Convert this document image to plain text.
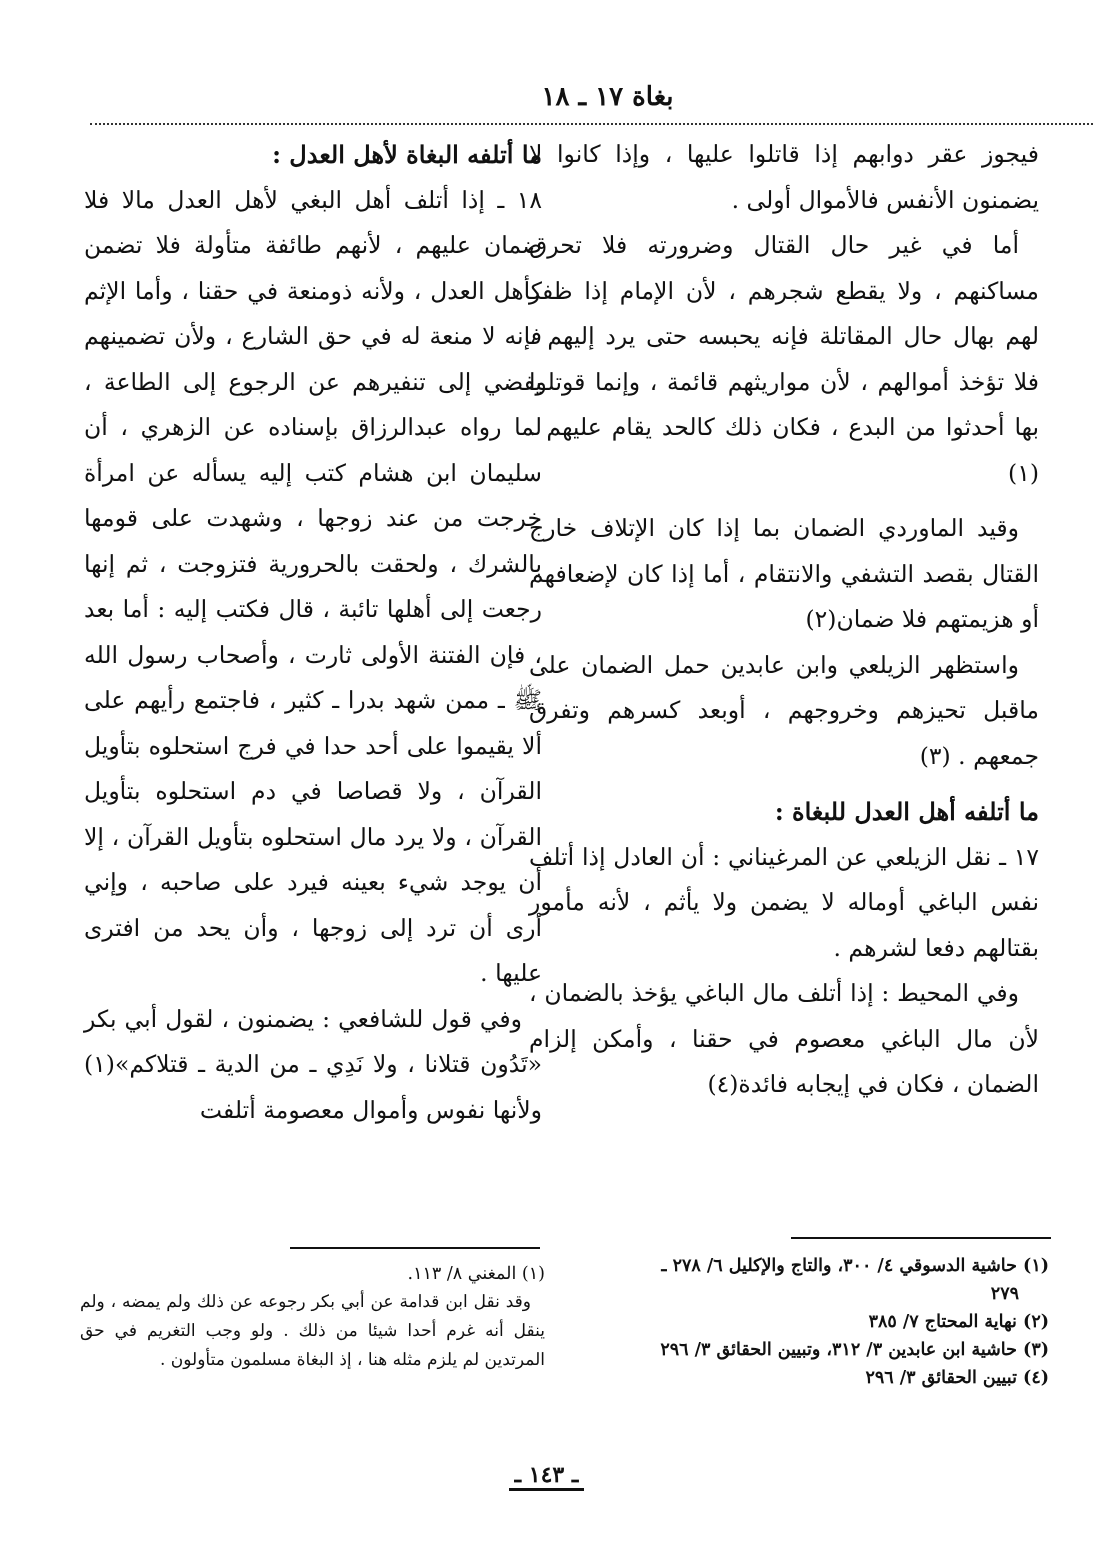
بغاة ١٧ ـ ١٨

فيجوز عقر دوابهم إذا قاتلوا عليها ، وإذا كانوا لا يضمنون الأنفس فالأموال أولى .

أما في غير حال القتال وضرورته فلا تحرق مساكنهم ، ولا يقطع شجرهم ، لأن الإمام إذا ظفر لهم بهال حال المقاتلة فإنه يحبسه حتى يرد إليهم ، فلا تؤخذ أموالهم ، لأن مواريثهم قائمة ، وإنما قوتلوا بها أحدثوا من البدع ، فكان ذلك كالحد يقام عليهم . (١)

وقيد الماوردي الضمان بما إذا كان الإتلاف خارج القتال بقصد التشفي والانتقام ، أما إذا كان لإضعافهم أو هزيمتهم فلا ضمان(٢)

واستظهر الزيلعي وابن عابدين حمل الضمان على ماقبل تحيزهم وخروجهم ، أوبعد كسرهم وتفرق جمعهم . (٣)

ما أتلفه أهل العدل للبغاة :

١٧ ـ نقل الزيلعي عن المرغيناني : أن العادل إذا أتلف نفس الباغي أوماله لا يضمن ولا يأثم ، لأنه مأمور بقتالهم دفعا لشرهم .

وفي المحيط : إذا أتلف مال الباغي يؤخذ بالضمان ، لأن مال الباغي معصوم في حقنا ، وأمكن إلزام الضمان ، فكان في إيجابه فائدة(٤)

ما أتلفه البغاة لأهل العدل :

١٨ ـ إذا أتلف أهل البغي لأهل العدل مالا فلا ضمان عليهم ، لأنهم طائفة متأولة فلا تضمن كأهل العدل ، ولأنه ذومنعة في حقنا ، وأما الإثم فإنه لا منعة له في حق الشارع ، ولأن تضمينهم يفضي إلى تنفيرهم عن الرجوع إلى الطاعة ، لما رواه عبدالرزاق بإسناده عن الزهري ، أن سليمان ابن هشام كتب إليه يسأله عن امرأة خرجت من عند زوجها ، وشهدت على قومها بالشرك ، ولحقت بالحرورية فتزوجت ، ثم إنها رجعت إلى أهلها تائبة ، قال فكتب إليه : أما بعد ، فإن الفتنة الأولى ثارت ، وأصحاب رسول الله ﷺ ـ ممن شهد بدرا ـ كثير ، فاجتمع رأيهم على ألا يقيموا على أحد حدا في فرج استحلوه بتأويل القرآن ، ولا قصاصا في دم استحلوه بتأويل القرآن ، ولا يرد مال استحلوه بتأويل القرآن ، إلا أن يوجد شيء بعينه فيرد على صاحبه ، وإني أرى أن ترد إلى زوجها ، وأن يحد من افترى عليها .

وفي قول للشافعي : يضمنون ، لقول أبي بكر «تَدُون قتلانا ، ولا نَدِي ـ من الدية ـ قتلاكم»(١) ولأنها نفوس وأموال معصومة أتلفت

(١) حاشية الدسوقي ٤/ ٣٠٠، والتاج والإكليل ٦/ ٢٧٨ ـ

٢٧٩

(٢) نهاية المحتاج ٧/ ٣٨٥

(٣) حاشية ابن عابدين ٣/ ٣١٢، وتبيين الحقائق ٣/ ٢٩٦

(٤) تبيين الحقائق ٣/ ٢٩٦

(١) المغني ٨/ ١١٣.

وقد نقل ابن قدامة عن أبي بكر رجوعه عن ذلك ولم يمضه ، ولم ينقل أنه غرم أحدا شيئا من ذلك . ولو وجب التغريم في حق المرتدين لم يلزم مثله هنا ، إذ البغاة مسلمون متأولون .

ـ ١٤٣ ـ
